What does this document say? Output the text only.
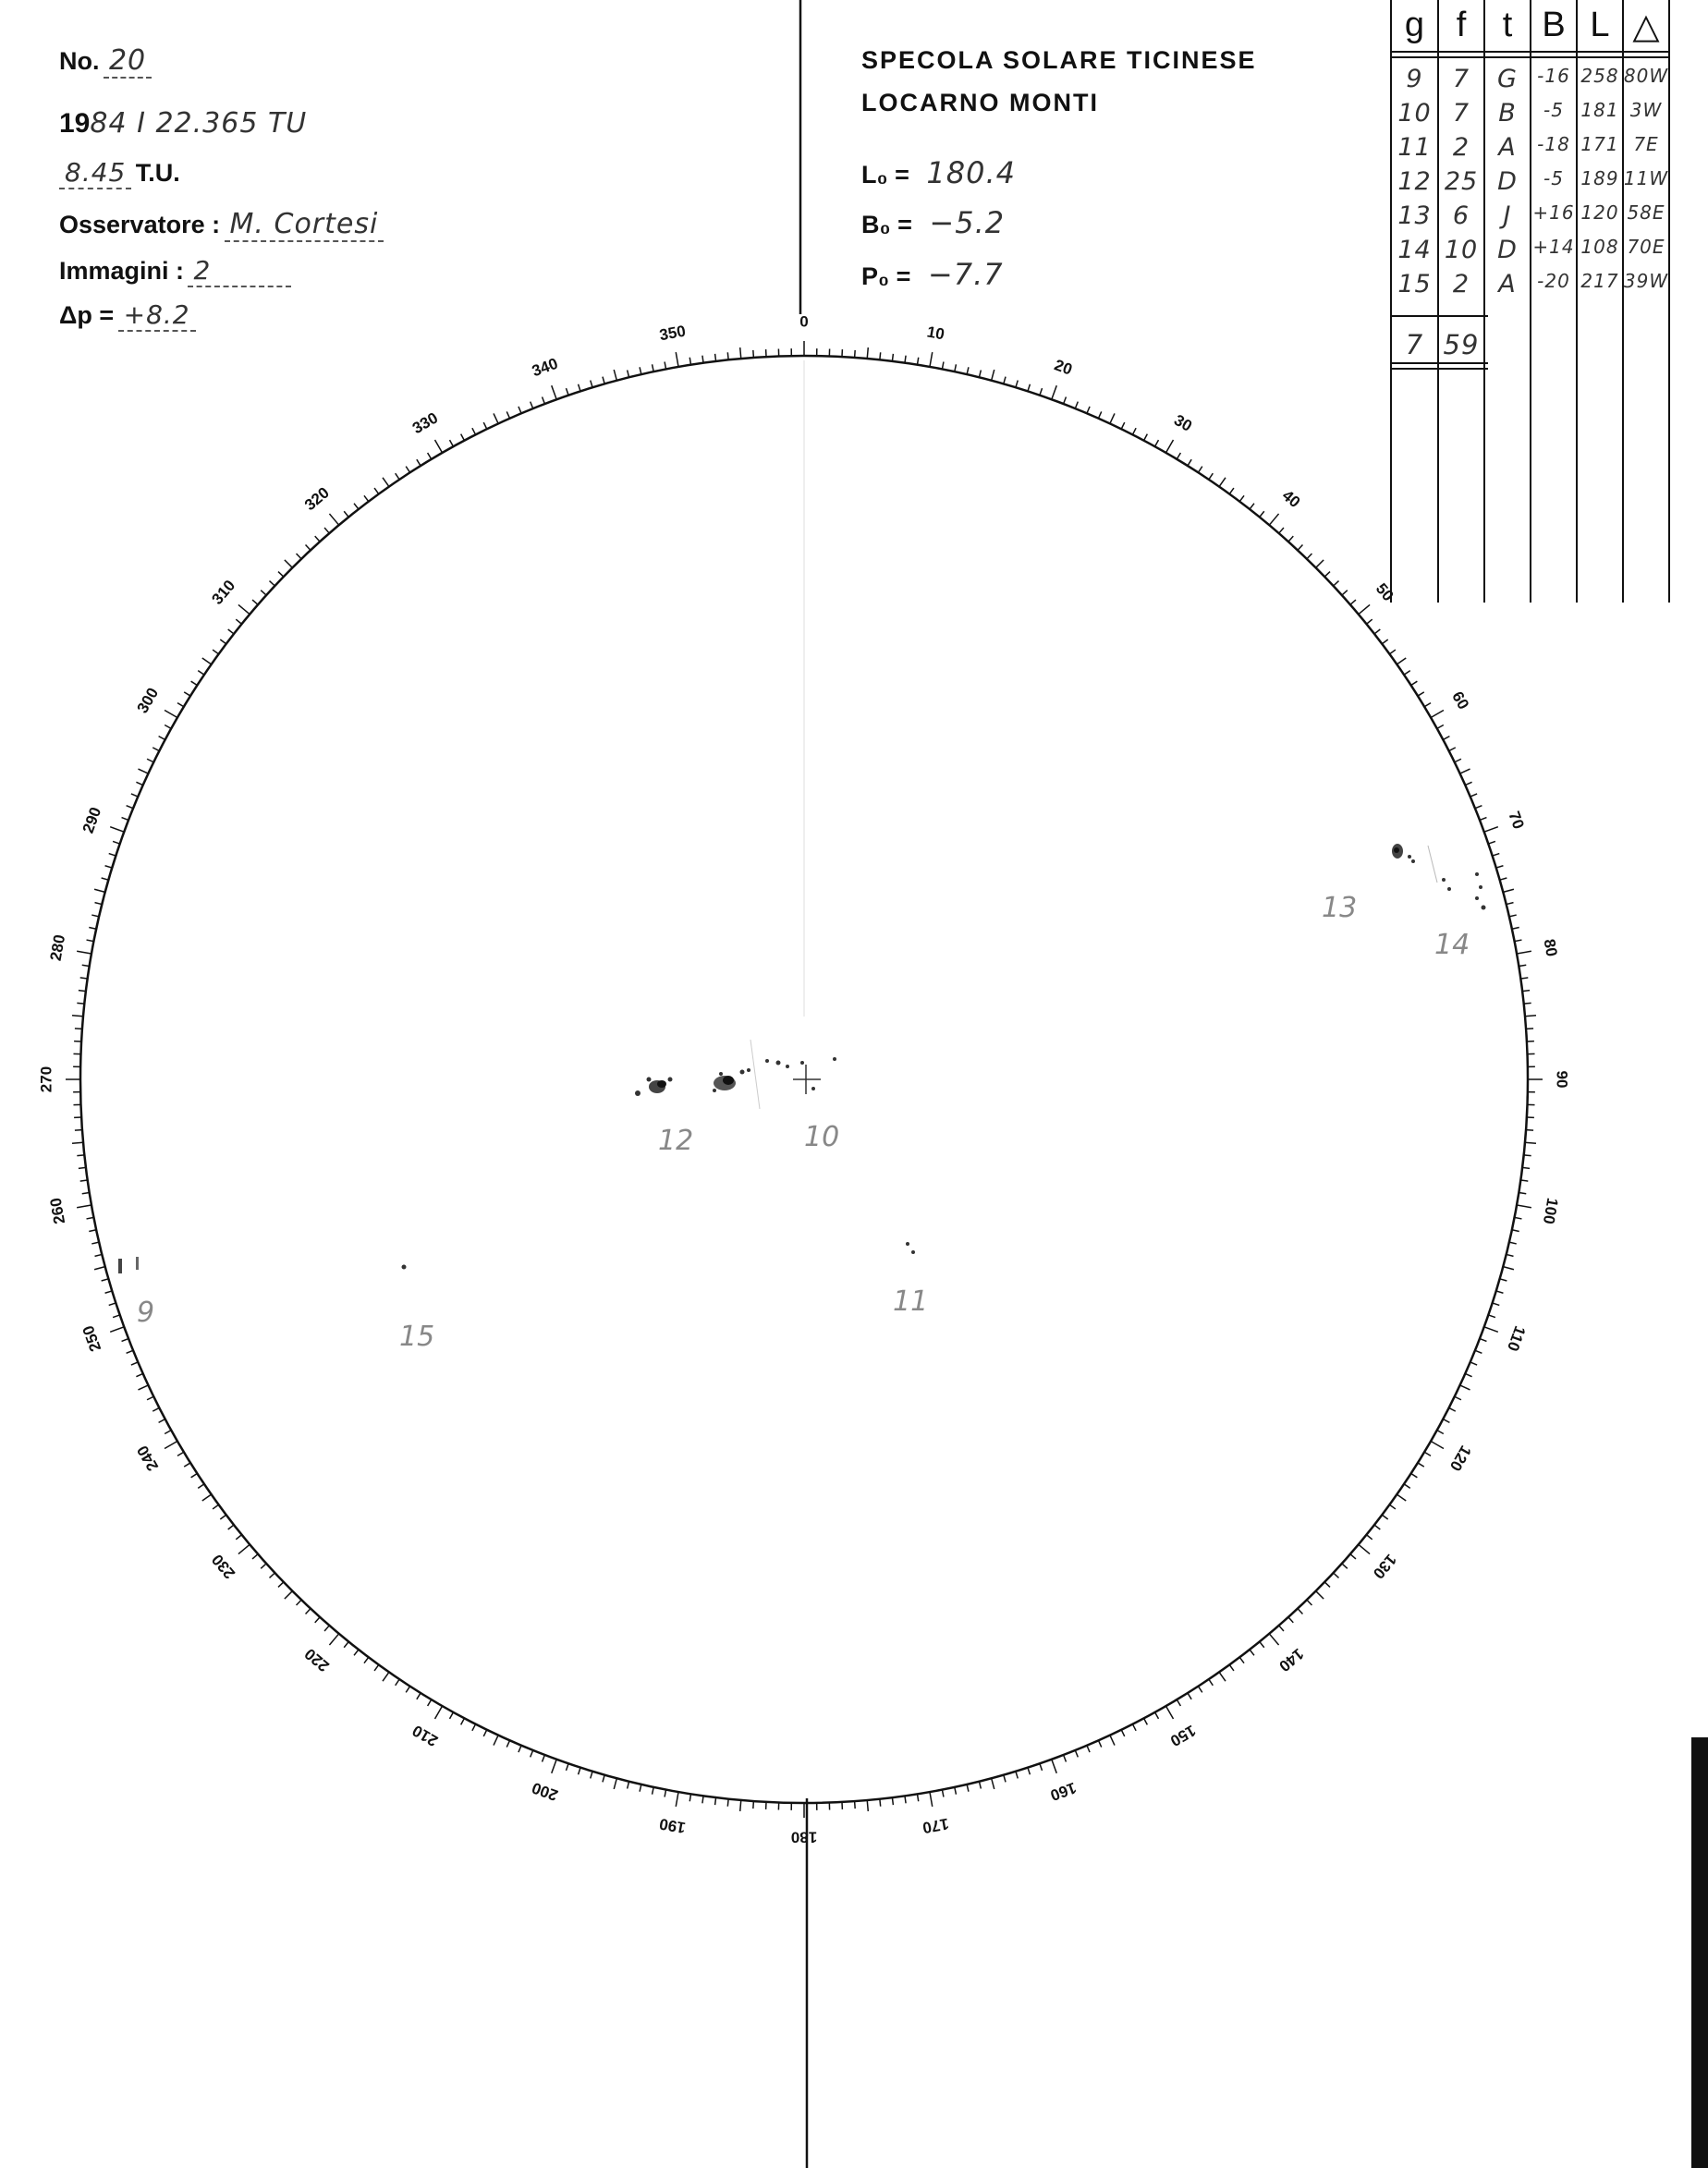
No. 20
1984 I 22.365 TU
8.45 T.U.
Osservatore : M. Cortesi
Immagini : 2
Δp = +8.2
SPECOLA SOLARE TICINESE
LOCARNO MONTI
L₀ = 180.4
B₀ = −5.2
P₀ = −7.7
0
10
20
30
40
50
60
70
80
90
100
110
120
130
140
150
160
170
180
190
200
210
220
230
240
250
260
270
280
290
300
310
320
330
340
350
9
10
11
12
13
14
15
g f	t B L △
9	7	G	-16 258 80W
10 7	B	-5 181 3W
11 2	A	-18 171 7E
12 25 D	-5 189 11W
13 6	J	+16 120 58E
14 10 D +14 108 70E
15 2	A	-20 217 39W
7 59
